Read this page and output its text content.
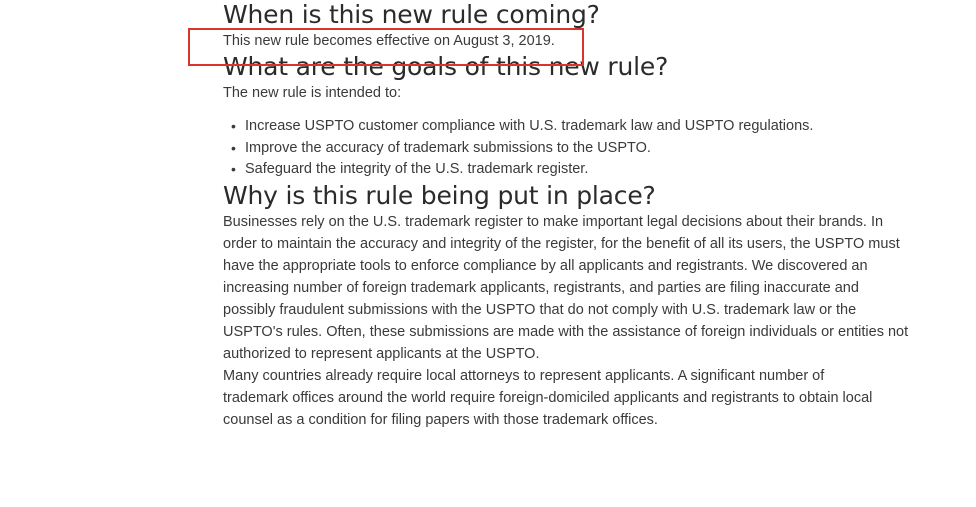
When is this new rule coming?

This new rule becomes effective on August 3, 2019.

What are the goals of this new rule?

The new rule is intended to:

• Increase USPTO customer compliance with U.S. trademark law and USPTO regulations.
• Improve the accuracy of trademark submissions to the USPTO.
• Safeguard the integrity of the U.S. trademark register.
Why is this rule being put in place?

Businesses rely on the U.S. trademark register to make important legal decisions about their brands. In order to maintain the accuracy and integrity of the register, for the benefit of all its users, the USPTO must have the appropriate tools to enforce compliance by all applicants and registrants. We discovered an increasing number of foreign trademark applicants, registrants, and parties are filing inaccurate and possibly fraudulent submissions with the USPTO that do not comply with U.S. trademark law or the USPTO's rules. Often, these submissions are made with the assistance of foreign individuals or entities not authorized to represent applicants at the USPTO.

Many countries already require local attorneys to represent applicants. A significant number of trademark offices around the world require foreign-domiciled applicants and registrants to obtain local counsel as a condition for filing papers with those trademark offices.
